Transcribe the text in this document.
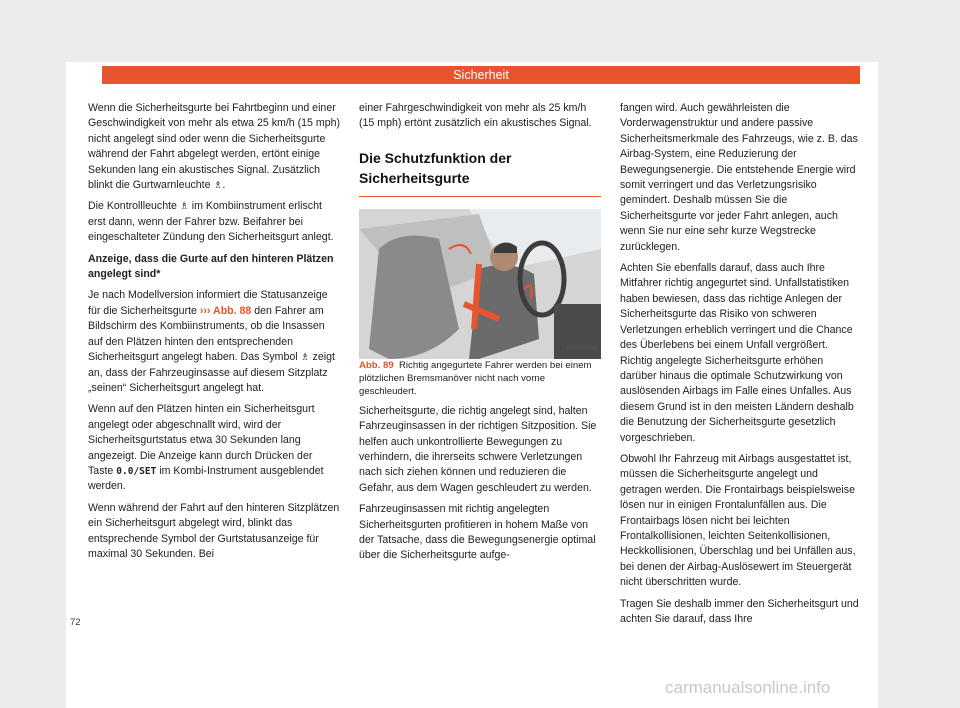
Sicherheit

Wenn die Sicherheitsgurte bei Fahrtbeginn und einer Geschwindigkeit von mehr als etwa 25 km/h (15 mph) nicht angelegt sind oder wenn die Sicherheitsgurte während der Fahrt abgelegt werden, ertönt einige Sekunden lang ein akustisches Signal. Zusätzlich blinkt die Gurtwarnleuchte ♗.

Die Kontrollleuchte ♗ im Kombiinstrument erlischt erst dann, wenn der Fahrer bzw. Beifahrer bei eingeschalteter Zündung den Sicherheitsgurt anlegt.

Anzeige, dass die Gurte auf den hinteren Plätzen angelegt sind*

Je nach Modellversion informiert die Statusanzeige für die Sicherheitsgurte ››› Abb. 88 den Fahrer am Bildschirm des Kombiinstruments, ob die Insassen auf den Plätzen hinten den entsprechenden Sicherheitsgurt angelegt haben. Das Symbol ♗ zeigt an, dass der Fahrzeuginsasse auf diesem Sitzplatz „seinen“ Sicherheitsgurt angelegt hat.

Wenn auf den Plätzen hinten ein Sicherheitsgurt angelegt oder abgeschnallt wird, wird der Sicherheitsgurtstatus etwa 30 Sekunden lang angezeigt. Die Anzeige kann durch Drücken der Taste 0.0/SET im Kombi-Instrument ausgeblendet werden.

Wenn während der Fahrt auf den hinteren Sitzplätzen ein Sicherheitsgurt abgelegt wird, blinkt das entsprechende Symbol der Gurtstatusanzeige für maximal 30 Sekunden. Bei

einer Fahrgeschwindigkeit von mehr als 25 km/h (15 mph) ertönt zusätzlich ein akustisches Signal.

Die Schutzfunktion der Sicherheitsgurte
B5F-0940

Abb. 89 Richtig angegurtete Fahrer werden bei einem plötzlichen Bremsmanöver nicht nach vorne geschleudert.

Sicherheitsgurte, die richtig angelegt sind, halten Fahrzeuginsassen in der richtigen Sitzposition. Sie helfen auch unkontrollierte Bewegungen zu verhindern, die ihrerseits schwere Verletzungen nach sich ziehen können und reduzieren die Gefahr, aus dem Wagen geschleudert zu werden.

Fahrzeuginsassen mit richtig angelegten Sicherheitsgurten profitieren in hohem Maße von der Tatsache, dass die Bewegungsenergie optimal über die Sicherheitsgurte aufge-

fangen wird. Auch gewährleisten die Vorderwagenstruktur und andere passive Sicherheitsmerkmale des Fahrzeugs, wie z. B. das Airbag-System, eine Reduzierung der Bewegungsenergie. Die entstehende Energie wird somit verringert und das Verletzungsrisiko gemindert. Deshalb müssen Sie die Sicherheitsgurte vor jeder Fahrt anlegen, auch wenn Sie nur eine sehr kurze Wegstrecke zurücklegen.

Achten Sie ebenfalls darauf, dass auch Ihre Mitfahrer richtig angegurtet sind. Unfallstatistiken haben bewiesen, dass das richtige Anlegen der Sicherheitsgurte das Risiko von schweren Verletzungen erheblich verringert und die Chance des Überlebens bei einem Unfall vergrößert. Richtig angelegte Sicherheitsgurte erhöhen darüber hinaus die optimale Schutzwirkung von auslösenden Airbags im Falle eines Unfalles. Aus diesem Grund ist in den meisten Ländern deshalb die Benutzung der Sicherheitsgurte gesetzlich vorgeschrieben.

Obwohl Ihr Fahrzeug mit Airbags ausgestattet ist, müssen die Sicherheitsgurte angelegt und getragen werden. Die Frontairbags beispielsweise lösen nur in einigen Frontalunfällen aus. Die Frontairbags lösen nicht bei leichten Frontalkollisionen, leichten Seitenkollisionen, Heckkollisionen, Überschlag und bei Unfällen aus, bei denen der Airbag-Auslösewert im Steuergerät nicht überschritten wurde.

Tragen Sie deshalb immer den Sicherheitsgurt und achten Sie darauf, dass Ihre

72
carmanualsonline.info
